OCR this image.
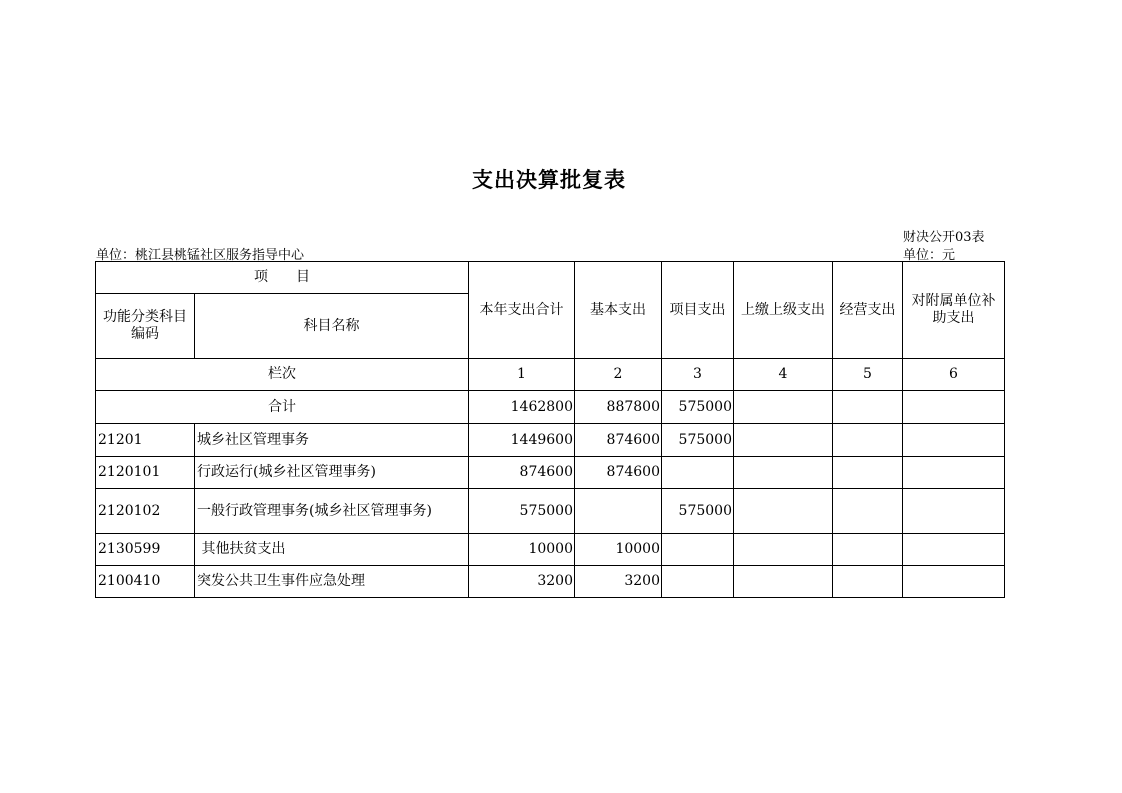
支出决算批复表
财决公开03表
单位：元
单位：桃江县桃锰社区服务指导中心
项　　目		本年支出合计	基本支出	项目支出	上缴上级支出	经营支出	对附属单位补助支出
功能分类科目编码	科目名称						
栏次		1	2	3	4	5	6
合计		1462800	887800	575000			
21201	城乡社区管理事务	1449600	874600	575000			
2120101	行政运行(城乡社区管理事务)	874600	874600				
2120102	一般行政管理事务(城乡社区管理事务)	575000		575000			
2130599	其他扶贫支出	10000	10000				
2100410	突发公共卫生事件应急处理	3200	3200				
